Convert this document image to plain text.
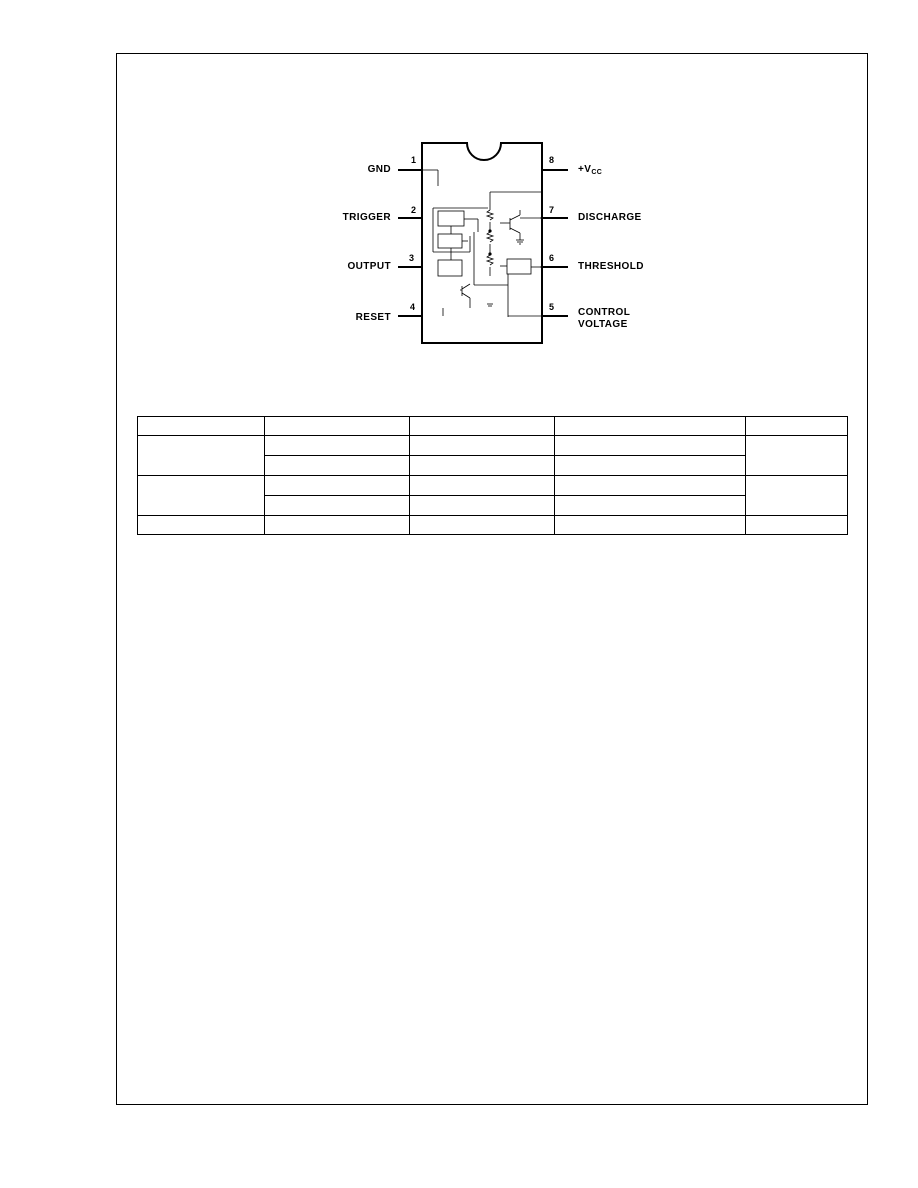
1
2
3
4
8
7
6
5
GND
TRIGGER
OUTPUT
RESET
$+V_{CC}$
DISCHARGE
THRESHOLD
CONTROL
VOLTAGE
